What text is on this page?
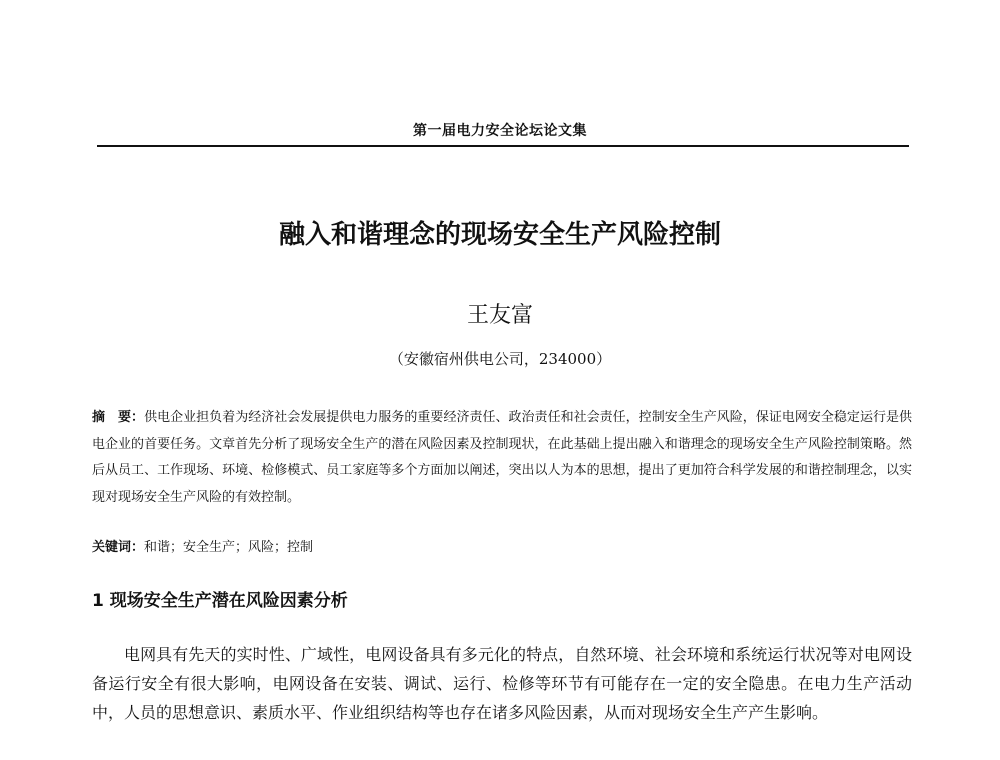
第一届电力安全论坛论文集
融入和谐理念的现场安全生产风险控制
王友富
（安徽宿州供电公司，234000）
摘　要：供电企业担负着为经济社会发展提供电力服务的重要经济责任、政治责任和社会责任，控制安全生产风险，保证电网安全稳定运行是供电企业的首要任务。文章首先分析了现场安全生产的潜在风险因素及控制现状，在此基础上提出融入和谐理念的现场安全生产风险控制策略。然后从员工、工作现场、环境、检修模式、员工家庭等多个方面加以阐述，突出以人为本的思想，提出了更加符合科学发展的和谐控制理念，以实现对现场安全生产风险的有效控制。
关键词：和谐；安全生产；风险；控制
1 现场安全生产潜在风险因素分析
电网具有先天的实时性、广域性，电网设备具有多元化的特点，自然环境、社会环境和系统运行状况等对电网设备运行安全有很大影响，电网设备在安装、调试、运行、检修等环节有可能存在一定的安全隐患。在电力生产活动中，人员的思想意识、素质水平、作业组织结构等也存在诸多风险因素，从而对现场安全生产产生影响。
